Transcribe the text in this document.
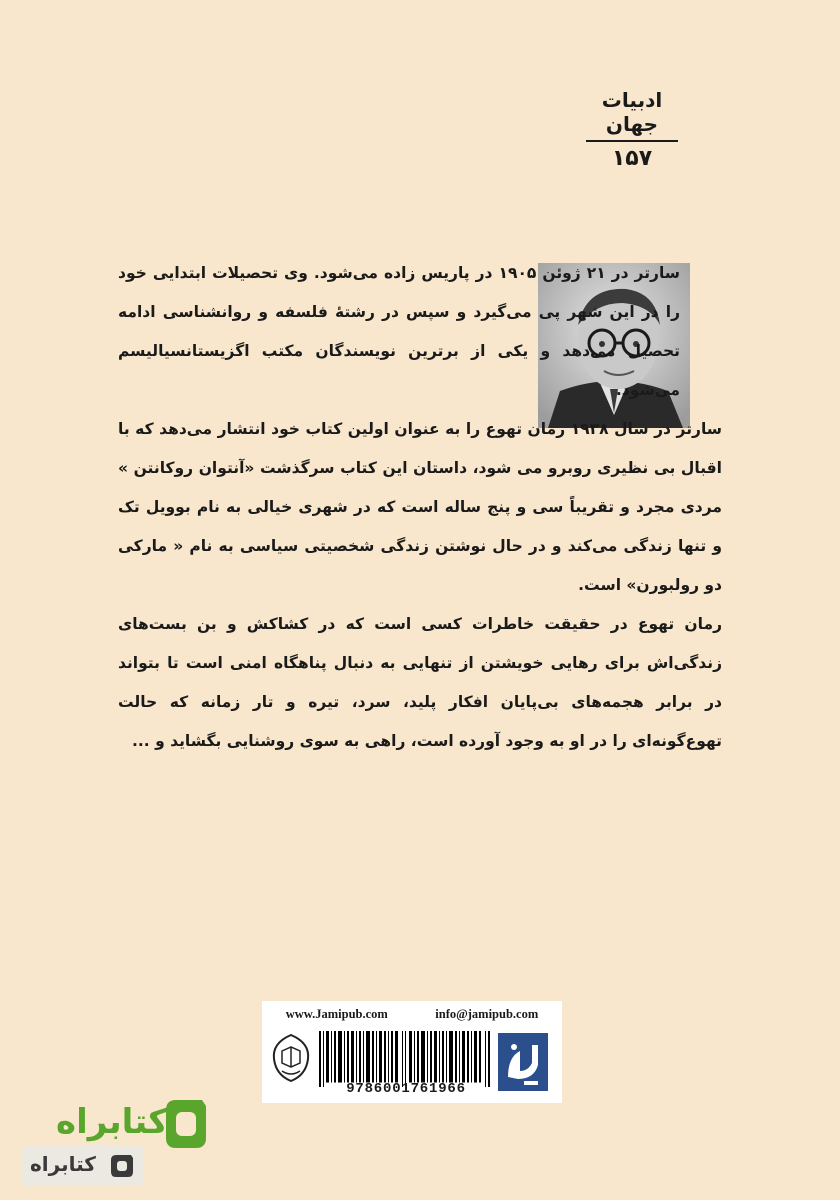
ادبیات جهان
۱۵۷

سارتر در ۲۱ ژوئن ۱۹۰۵ در پاریس زاده می‌شود. وی تحصیلات ابتدایی خود را در این شهر پی می‌گیرد و سپس در رشتهٔ فلسفه و روانشناسی ادامه تحصیل می‌دهد و یکی از برترین نویسندگان مکتب اگزیستانسیالیسم می‌شود.

سارتر در سال ۱۹۳۸ رمان تهوع را به عنوان اولین کتاب خود انتشار می‌دهد که با اقبال بی نظیری روبرو می شود، داستان این کتاب سرگذشت «آنتوان روکانتن » مردی مجرد و تقریباً سی و پنج ساله است که در شهری خیالی به نام بوویل تک و تنها زندگی می‌کند و در حال نوشتن زندگی شخصیتی سیاسی به نام « مارکی دو رولبورن» است.

رمان تهوع در حقیقت خاطرات کسی است که در کشاکش و بن بست‌های زندگی‌اش برای رهایی خویشتن از تنهایی به دنبال پناهگاه امنی است تا بتواند در برابر هجمه‌های بی‌پایان افکار پلید، سرد، تیره و تار زمانه که حالت تهوع‌گونه‌ای را در او به وجود آورده است، راهی به سوی روشنایی بگشاید و ...

www.Jamipub.com	info@jamipub.com
9786001761966
کتابراه
کتابراه
